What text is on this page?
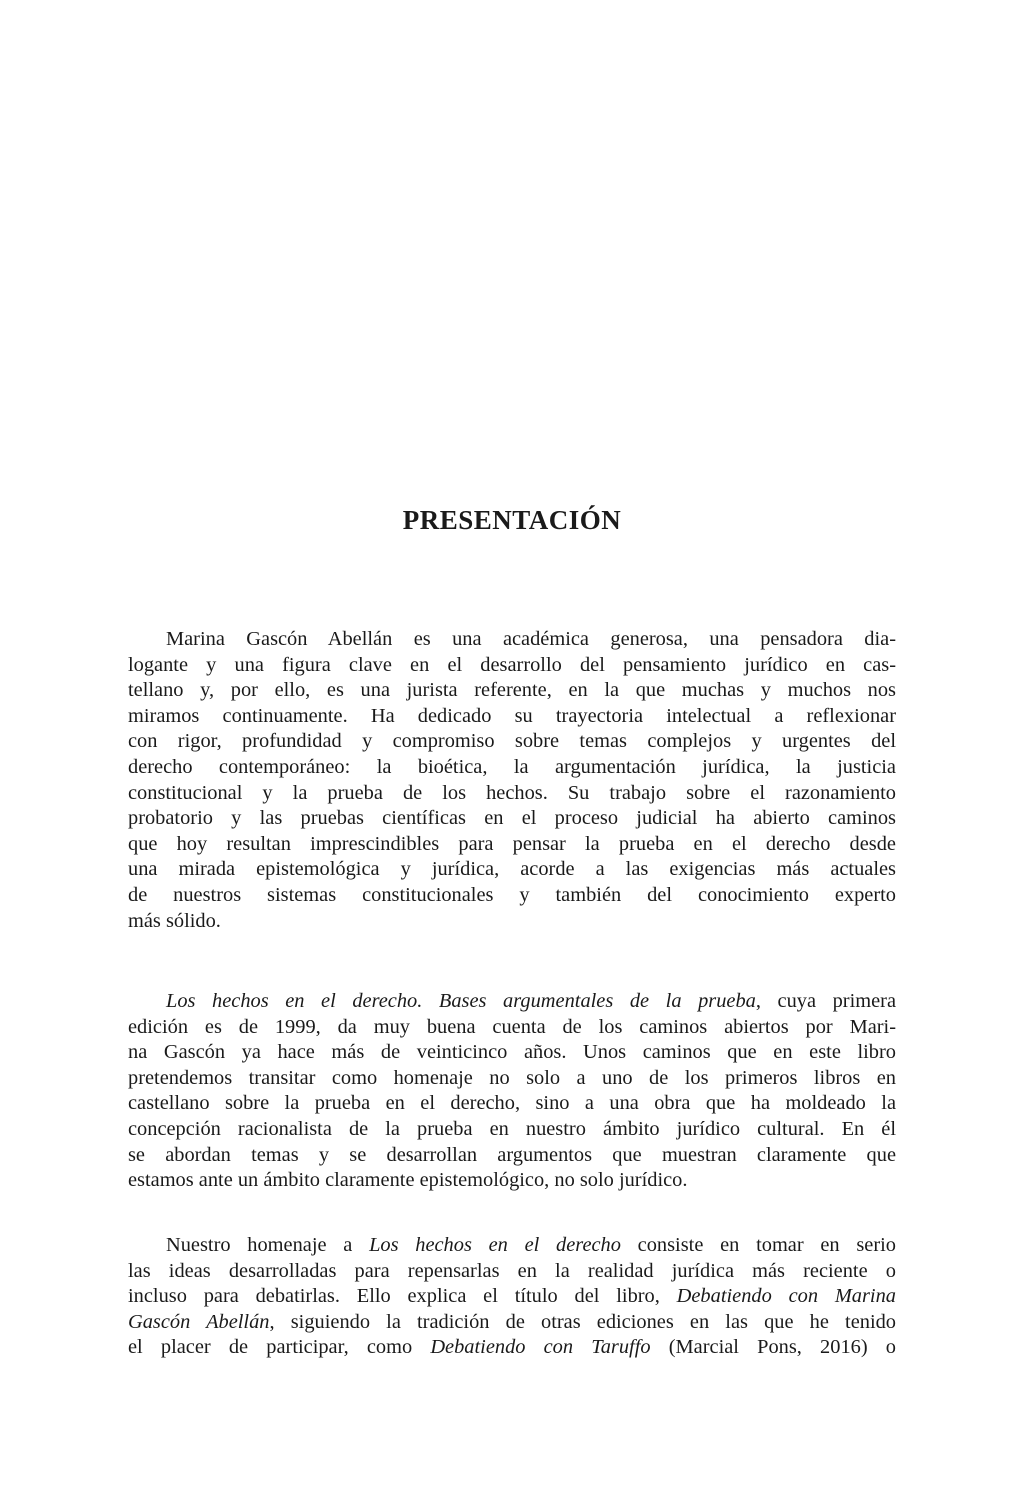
PRESENTACIÓN
Marina Gascón Abellán es una académica generosa, una pensadora dia-
logante y una figura clave en el desarrollo del pensamiento jurídico en cas-
tellano y, por ello, es una jurista referente, en la que muchas y muchos nos
miramos continuamente. Ha dedicado su trayectoria intelectual a reflexionar
con rigor, profundidad y compromiso sobre temas complejos y urgentes del
derecho contemporáneo: la bioética, la argumentación jurídica, la justicia
constitucional y la prueba de los hechos. Su trabajo sobre el razonamiento
probatorio y las pruebas científicas en el proceso judicial ha abierto caminos
que hoy resultan imprescindibles para pensar la prueba en el derecho desde
una mirada epistemológica y jurídica, acorde a las exigencias más actuales
de nuestros sistemas constitucionales y también del conocimiento experto
más sólido.
Los hechos en el derecho. Bases argumentales de la prueba, cuya primera
edición es de 1999, da muy buena cuenta de los caminos abiertos por Mari-
na Gascón ya hace más de veinticinco años. Unos caminos que en este libro
pretendemos transitar como homenaje no solo a uno de los primeros libros en
castellano sobre la prueba en el derecho, sino a una obra que ha moldeado la
concepción racionalista de la prueba en nuestro ámbito jurídico cultural. En él
se abordan temas y se desarrollan argumentos que muestran claramente que
estamos ante un ámbito claramente epistemológico, no solo jurídico.
Nuestro homenaje a Los hechos en el derecho consiste en tomar en serio
las ideas desarrolladas para repensarlas en la realidad jurídica más reciente o
incluso para debatirlas. Ello explica el título del libro, Debatiendo con Marina
Gascón Abellán, siguiendo la tradición de otras ediciones en las que he tenido
el placer de participar, como Debatiendo con Taruffo (Marcial Pons, 2016) o
